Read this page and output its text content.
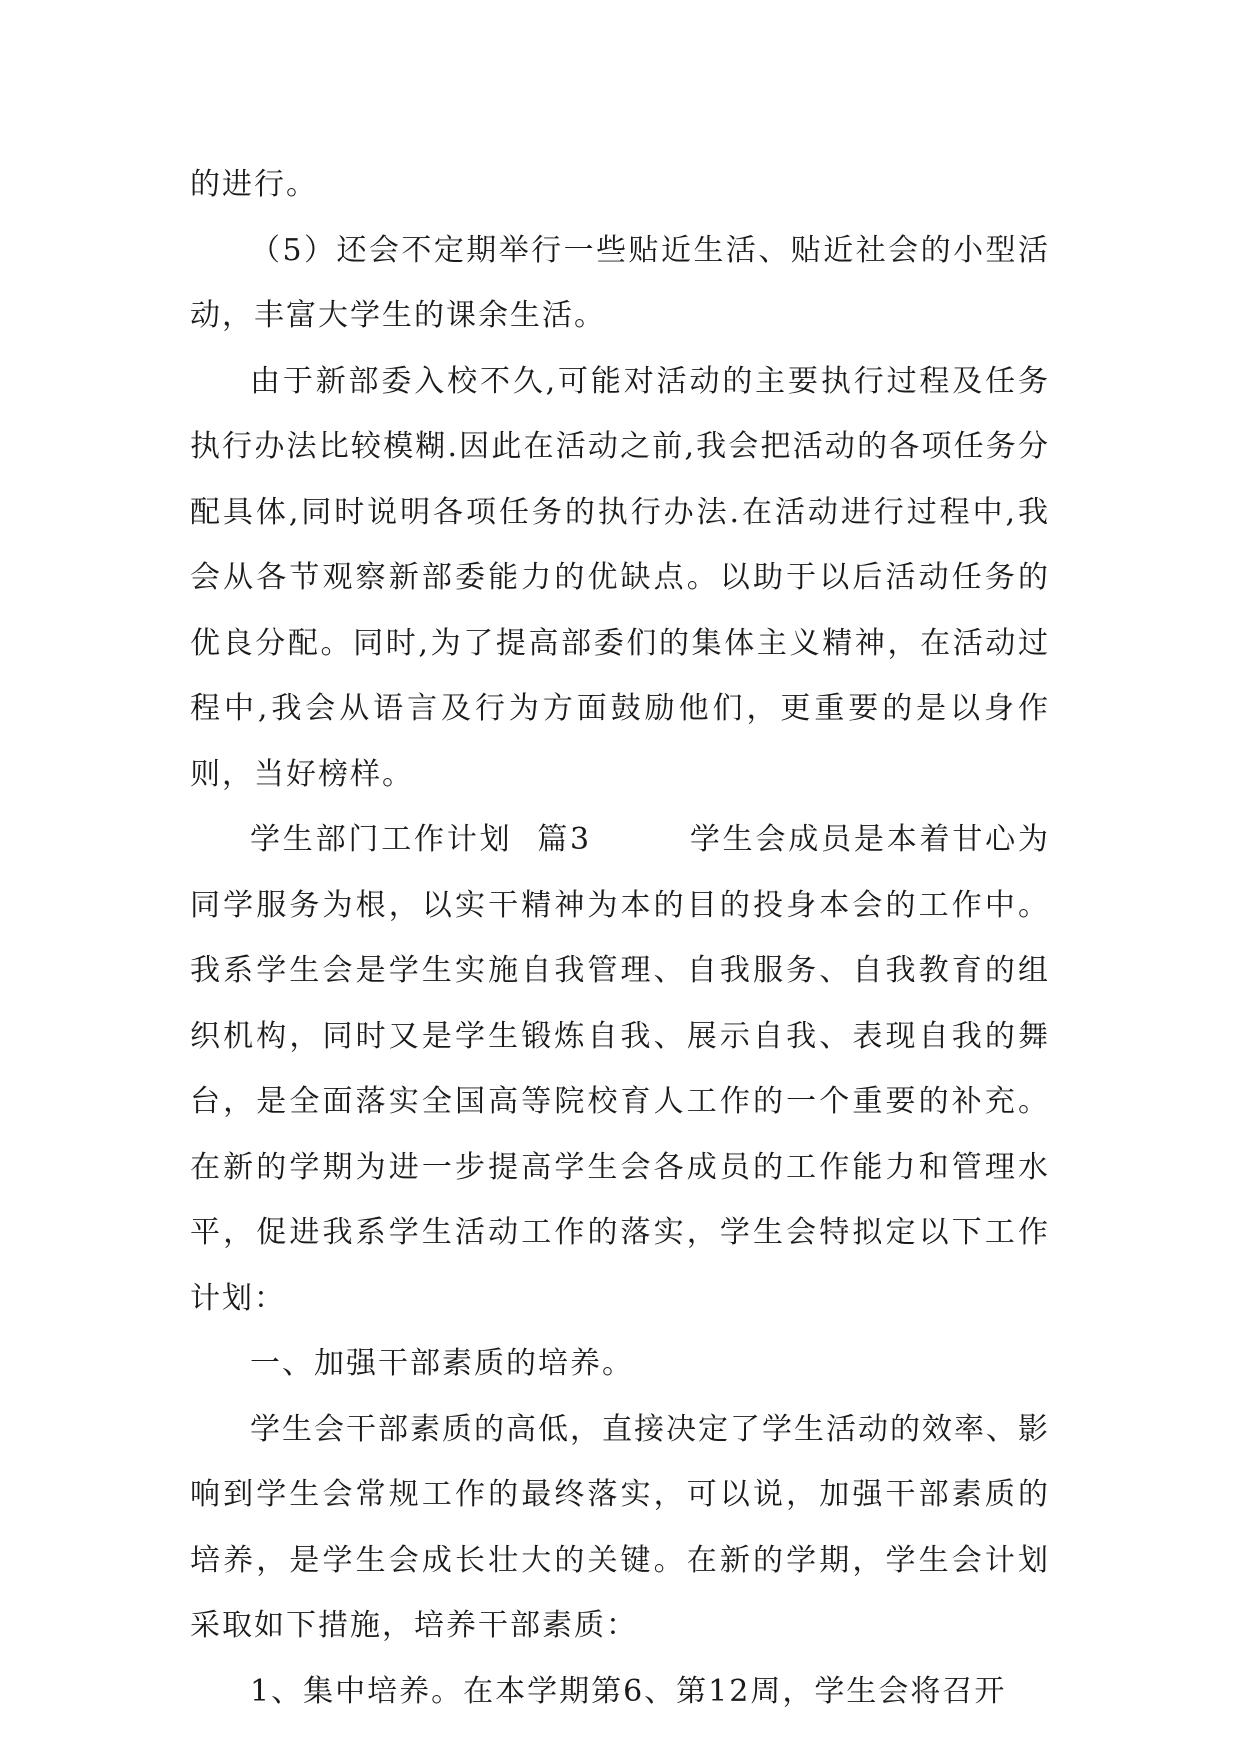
的进行。

（5）还会不定期举行一些贴近生活、贴近社会的小型活动，丰富大学生的课余生活。

由于新部委入校不久,可能对活动的主要执行过程及任务执行办法比较模糊.因此在活动之前,我会把活动的各项任务分配具体,同时说明各项任务的执行办法.在活动进行过程中,我会从各节观察新部委能力的优缺点。以助于以后活动任务的优良分配。同时,为了提高部委们的集体主义精神，在活动过程中,我会从语言及行为方面鼓励他们，更重要的是以身作则，当好榜样。

学生部门工作计划  篇3        学生会成员是本着甘心为同学服务为根，以实干精神为本的目的投身本会的工作中。我系学生会是学生实施自我管理、自我服务、自我教育的组织机构，同时又是学生锻炼自我、展示自我、表现自我的舞台，是全面落实全国高等院校育人工作的一个重要的补充。在新的学期为进一步提高学生会各成员的工作能力和管理水平，促进我系学生活动工作的落实，学生会特拟定以下工作计划：

一、加强干部素质的培养。

学生会干部素质的高低，直接决定了学生活动的效率、影响到学生会常规工作的最终落实，可以说，加强干部素质的培养，是学生会成长壮大的关键。在新的学期，学生会计划采取如下措施，培养干部素质：

1、集中培养。在本学期第6、第12周，学生会将召开
